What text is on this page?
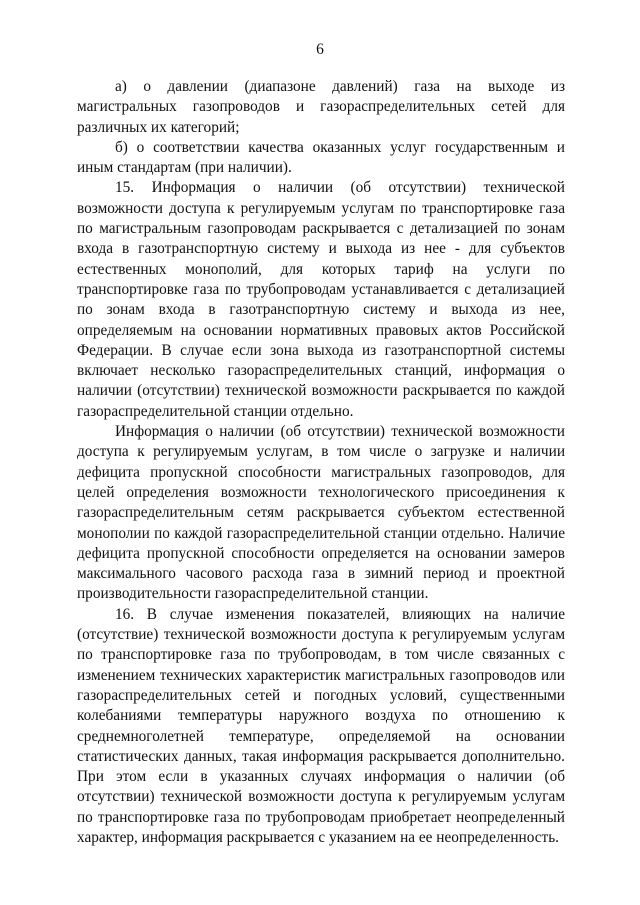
6

а) о давлении (диапазоне давлений) газа на выходе из магистральных газопроводов и газораспределительных сетей для различных их категорий;

б) о соответствии качества оказанных услуг государственным и иным стандартам (при наличии).

15. Информация о наличии (об отсутствии) технической возможности доступа к регулируемым услугам по транспортировке газа по магистральным газопроводам раскрывается с детализацией по зонам входа в газотранспортную систему и выхода из нее - для субъектов естественных монополий, для которых тариф на услуги по транспортировке газа по трубопроводам устанавливается с детализацией по зонам входа в газотранспортную систему и выхода из нее, определяемым на основании нормативных правовых актов Российской Федерации. В случае если зона выхода из газотранспортной системы включает несколько газораспределительных станций, информация о наличии (отсутствии) технической возможности раскрывается по каждой газораспределительной станции отдельно.

Информация о наличии (об отсутствии) технической возможности доступа к регулируемым услугам, в том числе о загрузке и наличии дефицита пропускной способности магистральных газопроводов, для целей определения возможности технологического присоединения к газораспределительным сетям раскрывается субъектом естественной монополии по каждой газораспределительной станции отдельно. Наличие дефицита пропускной способности определяется на основании замеров максимального часового расхода газа в зимний период и проектной производительности газораспределительной станции.

16. В случае изменения показателей, влияющих на наличие (отсутствие) технической возможности доступа к регулируемым услугам по транспортировке газа по трубопроводам, в том числе связанных с изменением технических характеристик магистральных газопроводов или газораспределительных сетей и погодных условий, существенными колебаниями температуры наружного воздуха по отношению к среднемноголетней температуре, определяемой на основании статистических данных, такая информация раскрывается дополнительно. При этом если в указанных случаях информация о наличии (об отсутствии) технической возможности доступа к регулируемым услугам по транспортировке газа по трубопроводам приобретает неопределенный характер, информация раскрывается с указанием на ее неопределенность.
